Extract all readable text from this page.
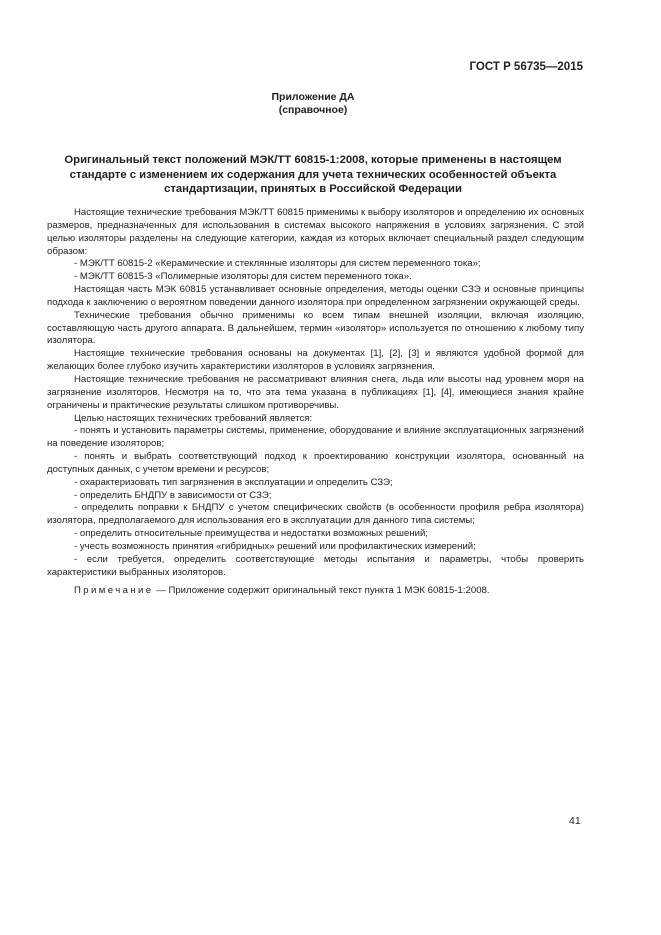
ГОСТ Р 56735—2015
Приложение ДА
(справочное)
Оригинальный текст положений МЭК/ТТ 60815-1:2008, которые применены в настоящем стандарте с изменением их содержания для учета технических особенностей объекта стандартизации, принятых в Российской Федерации

Настоящие технические требования МЭК/ТТ 60815 применимы к выбору изоляторов и определению их основных размеров, предназначенных для использования в системах высокого напряжения в условиях загрязнения. С этой целью изоляторы разделены на следующие категории, каждая из которых включает специальный раздел следующим образом:

- МЭК/ТТ 60815-2 «Керамические и стеклянные изоляторы для систем переменного тока»;

- МЭК/ТТ 60815-3 «Полимерные изоляторы для систем переменного тока».

Настоящая часть МЭК 60815 устанавливает основные определения, методы оценки СЗЭ и основные принципы подхода к заключению о вероятном поведении данного изолятора при определенном загрязнении окружающей среды.

Технические требования обычно применимы ко всем типам внешней изоляции, включая изоляцию, составляющую часть другого аппарата. В дальнейшем, термин «изолятор» используется по отношению к любому типу изолятора.

Настоящие технические требования основаны на документах [1], [2], [3] и являются удобной формой для желающих более глубоко изучить характеристики изоляторов в условиях загрязнения.

Настоящие технические требования не рассматривают влияния снега, льда или высоты над уровнем моря на загрязнение изоляторов. Несмотря на то, что эта тема указана в публикациях [1], [4], имеющиеся знания крайне ограничены и практические результаты слишком противоречивы.

Целью настоящих технических требований является:

- понять и установить параметры системы, применение, оборудование и влияние эксплуатационных загрязнений на поведение изоляторов;

- понять и выбрать соответствующий подход к проектированию конструкции изолятора, основанный на доступных данных, с учетом времени и ресурсов;

- охарактеризовать тип загрязнения в эксплуатации и определить СЗЭ;

- определить БНДПУ в зависимости от СЗЭ;

- определить поправки к БНДПУ с учетом специфических свойств (в особенности профиля ребра изолятора) изолятора, предполагаемого для использования его в эксплуатации для данного типа системы;

- определить относительные преимущества и недостатки возможных решений;

- учесть возможность принятия «гибридных» решений или профилактических измерений;

- если требуется, определить соответствующие методы испытания и параметры, чтобы проверить характеристики выбранных изоляторов.

Примечание — Приложение содержит оригинальный текст пункта 1 МЭК 60815-1:2008.

41
